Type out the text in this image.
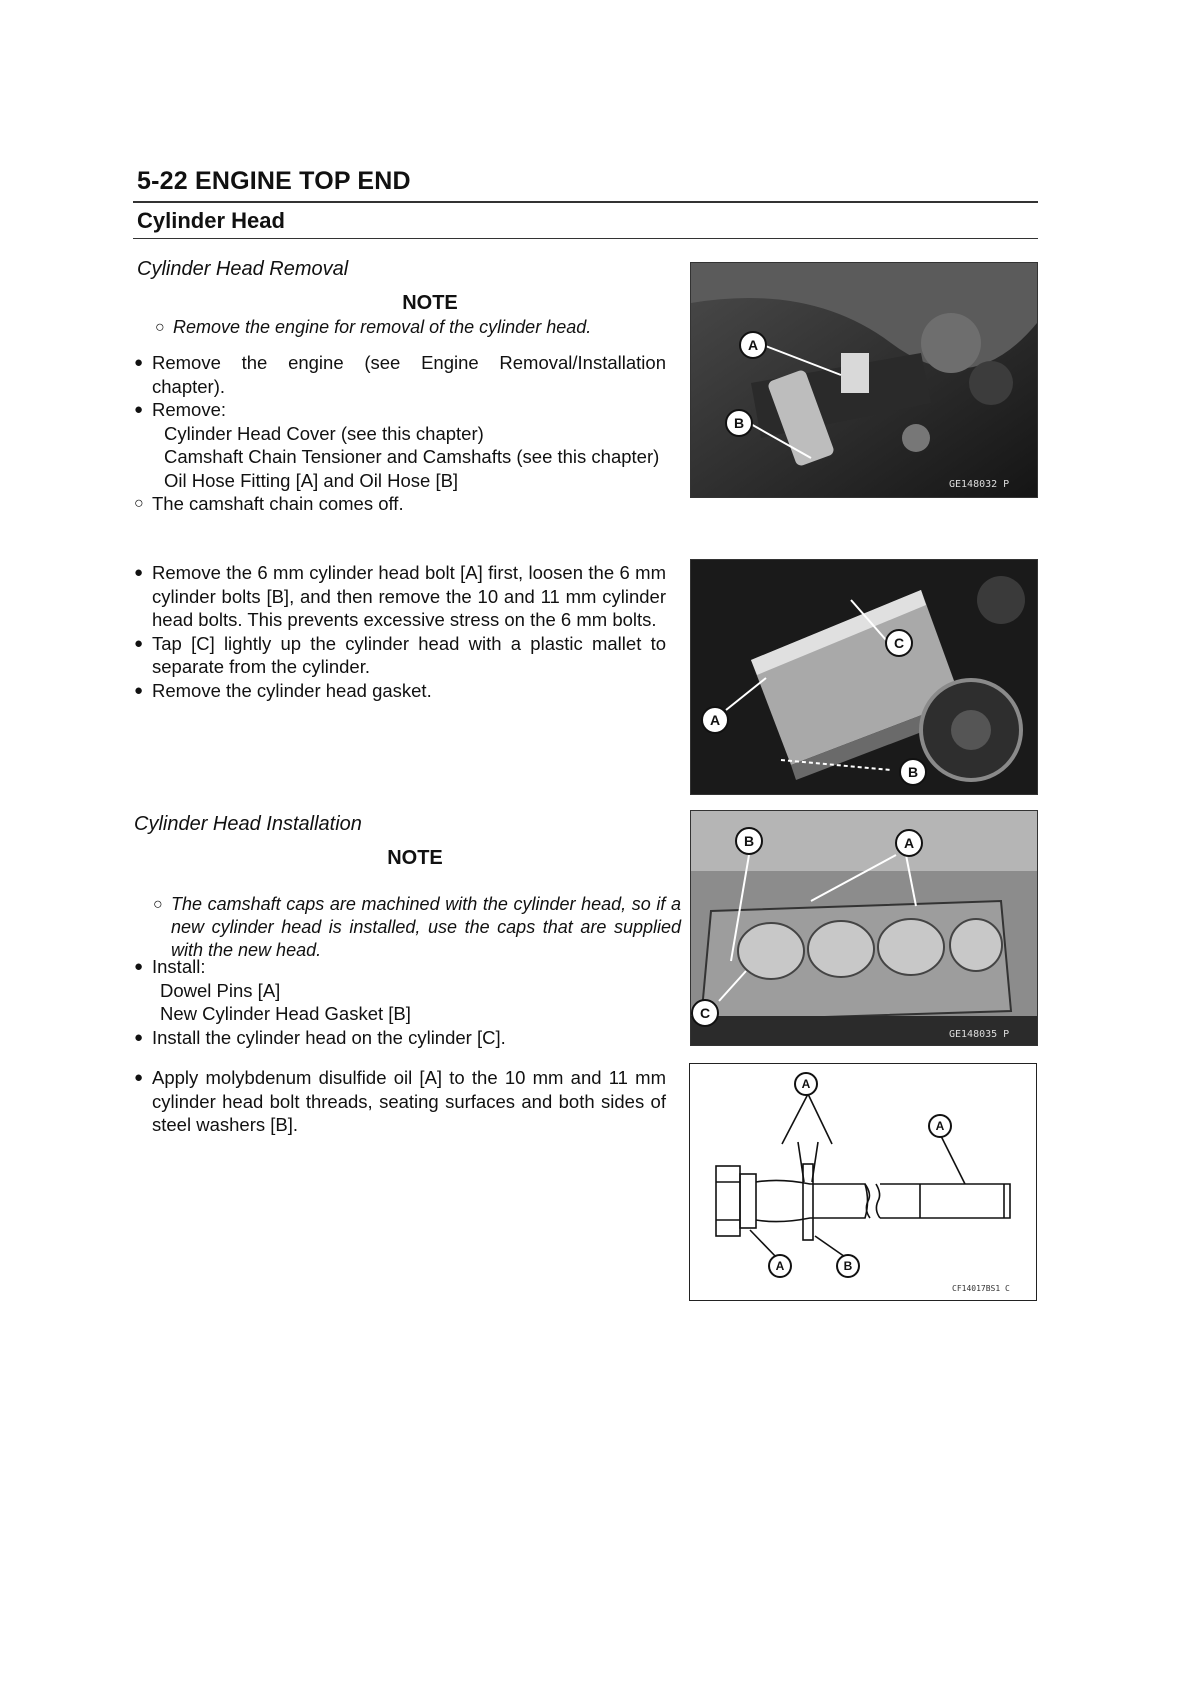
5-22 ENGINE TOP END
Cylinder Head
Cylinder Head Removal
NOTE
○ Remove the engine for removal of the cylinder head.
● Remove the engine (see Engine Removal/Installation chapter).
● Remove:
Cylinder Head Cover (see this chapter)
Camshaft Chain Tensioner and Camshafts (see this chapter)
Oil Hose Fitting [A] and Oil Hose [B]
○ The camshaft chain comes off.
● Remove the 6 mm cylinder head bolt [A] first, loosen the 6 mm cylinder bolts [B], and then remove the 10 and 11 mm cylinder head bolts. This prevents excessive stress on the 6 mm bolts.
● Tap [C] lightly up the cylinder head with a plastic mallet to separate from the cylinder.
● Remove the cylinder head gasket.
Cylinder Head Installation
NOTE
○ The camshaft caps are machined with the cylinder head, so if a new cylinder head is installed, use the caps that are supplied with the new head.
● Install:
Dowel Pins [A]
New Cylinder Head Gasket [B]
● Install the cylinder head on the cylinder [C].
● Apply molybdenum disulfide oil [A] to the 10 mm and 11 mm cylinder head bolt threads, seating surfaces and both sides of steel washers [B].
A
B
GE148032 P
C
A
B
B	A
C
GE148035 P
A
A
A	B
CF14017BS1 C
